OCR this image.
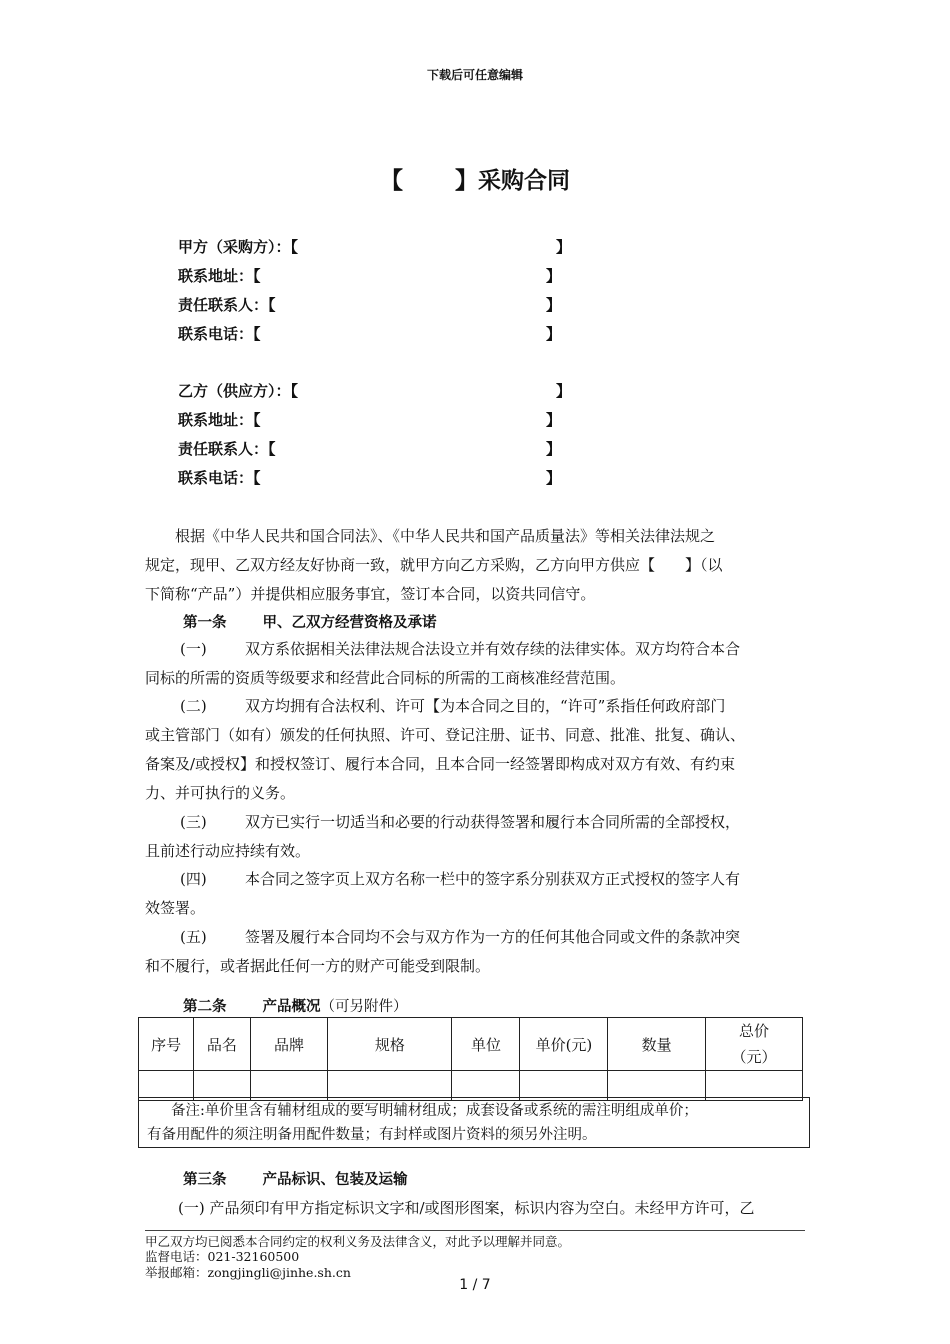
下载后可任意编辑
【 】采购合同
甲方（采购方）：【	】
联系地址：【	】
责任联系人：【	】
联系电话：【	】
乙方（供应方）：【	】
联系地址：【	】
责任联系人：【	】
联系电话：【	】
根据《中华人民共和国合同法》、《中华人民共和国产品质量法》等相关法律法规之
规定，现甲、乙双方经友好协商一致，就甲方向乙方采购，乙方向甲方供应【　　】（以
下简称“产品”）并提供相应服务事宜，签订本合同，以资共同信守。
第一条 甲、乙双方经营资格及承诺
(一)	双方系依据相关法律法规合法设立并有效存续的法律实体。双方均符合本合
同标的所需的资质等级要求和经营此合同标的所需的工商核准经营范围。
(二)	双方均拥有合法权利、许可【为本合同之目的，“许可”系指任何政府部门
或主管部门（如有）颁发的任何执照、许可、登记注册、证书、同意、批准、批复、确认、
备案及/或授权】和授权签订、履行本合同，且本合同一经签署即构成对双方有效、有约束
力、并可执行的义务。
(三)	双方已实行一切适当和必要的行动获得签署和履行本合同所需的全部授权，
且前述行动应持续有效。
(四)	本合同之签字页上双方名称一栏中的签字系分别获双方正式授权的签字人有
效签署。
(五)	签署及履行本合同均不会与双方作为一方的任何其他合同或文件的条款冲突
和不履行，或者据此任何一方的财产可能受到限制。
第二条 产品概况（可另附件）
序号	品名	品牌	规格	单位	单价(元)	数量	总价
（元）

备注:单价里含有辅材组成的要写明辅材组成；成套设备或系统的需注明组成单价；
有备用配件的须注明备用配件数量；有封样或图片资料的须另外注明。
第三条 产品标识、包装及运输
(一) 产品须印有甲方指定标识文字和/或图形图案，标识内容为空白。未经甲方许可，乙
甲乙双方均已阅悉本合同约定的权利义务及法律含义，对此予以理解并同意。
监督电话：021-32160500
举报邮箱：zongjingli@jinhe.sh.cn
1 / 7
